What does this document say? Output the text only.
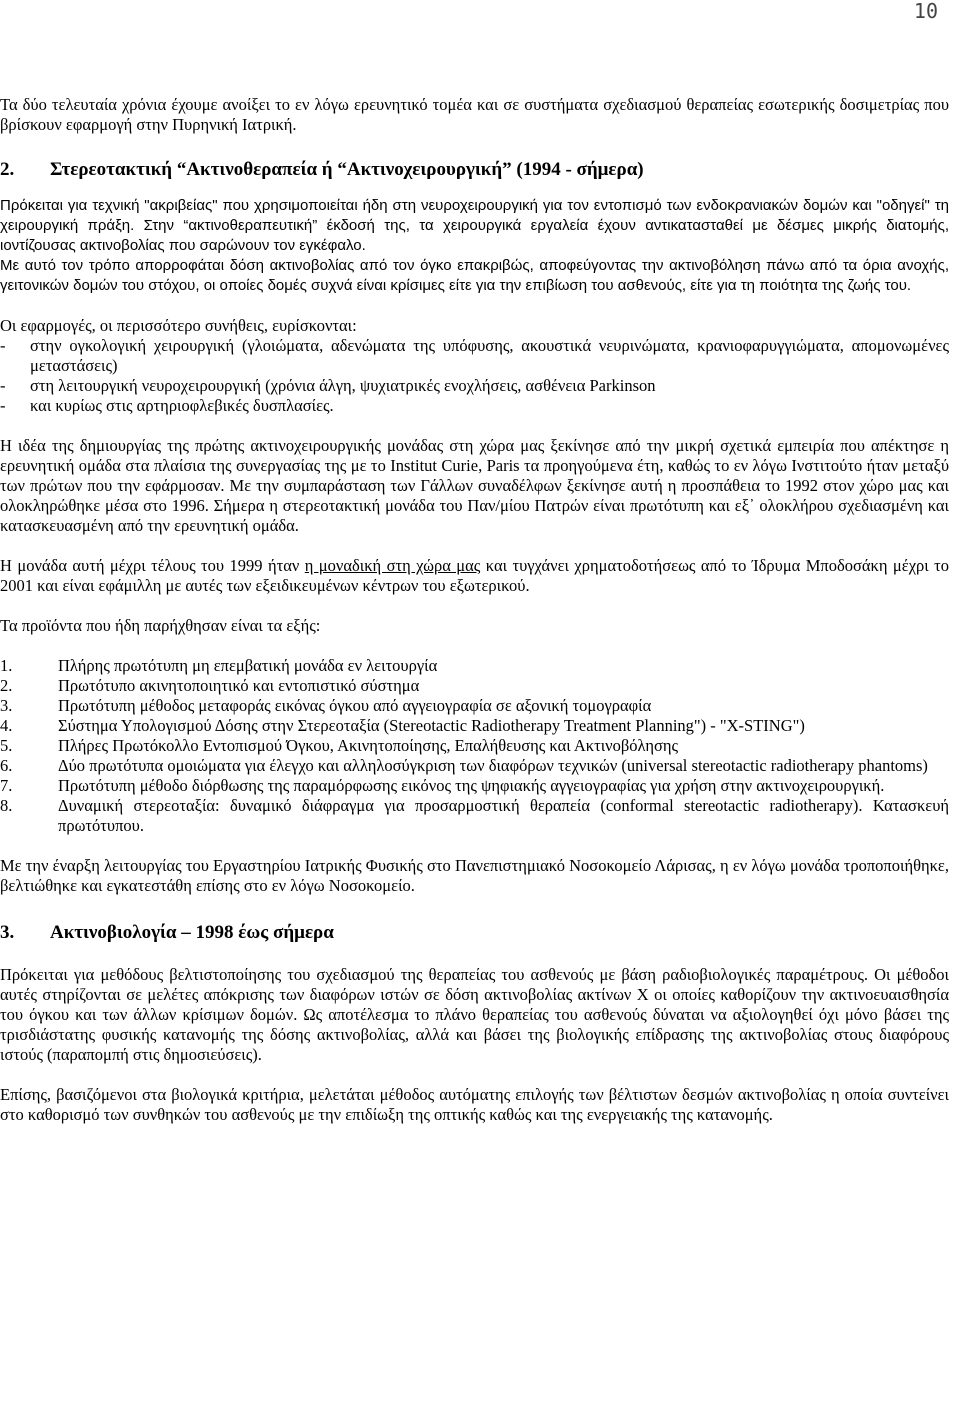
10

Τα δύο τελευταία χρόνια έχουμε ανοίξει το εν λόγω ερευνητικό τομέα και σε συστήματα σχεδιασμού θεραπείας εσωτερικής δοσιμετρίας που βρίσκουν εφαρμογή στην Πυρηνική Ιατρική.

2. Στερεοτακτική “Ακτινοθεραπεία ή “Ακτινοχειρουργική” (1994 - σήμερα)

Πρόκειται για τεχνική "ακριβείας" που χρησιμοποιείται ήδη στη νευροχειρουργική για τον εντοπισμό των ενδοκρανιακών δομών και "οδηγεί" τη χειρουργική πράξη. Στην “ακτινοθεραπευτική” έκδοσή της, τα χειρουργικά εργαλεία έχουν αντικατασταθεί με δέσμες μικρής διατομής, ιοντίζουσας ακτινοβολίας που σαρώνουν τον εγκέφαλο.

Με αυτό τον τρόπο απορροφάται δόση ακτινοβολίας από τον όγκο επακριβώς, αποφεύγοντας την ακτινοβόληση πάνω από τα όρια ανοχής, γειτονικών δομών του στόχου, οι οποίες δομές συχνά είναι κρίσιμες είτε για την επιβίωση του ασθενούς, είτε για τη ποιότητα της ζωής του.

Οι εφαρμογές, οι περισσότερο συνήθεις, ευρίσκονται:

-	στην ογκολογική χειρουργική (γλοιώματα, αδενώματα της υπόφυσης, ακουστικά νευρινώματα, κρανιοφαρυγγιώματα, απομονωμένες μεταστάσεις)
-	στη λειτουργική νευροχειρουργική (χρόνια άλγη, ψυχιατρικές ενοχλήσεις, ασθένεια Parkinson
-	και κυρίως στις αρτηριοφλεβικές δυσπλασίες.

Η ιδέα της δημιουργίας της πρώτης ακτινοχειρουργικής μονάδας στη χώρα μας ξεκίνησε από την μικρή σχετικά εμπειρία που απέκτησε η ερευνητική ομάδα στα πλαίσια της συνεργασίας της με το Institut Curie, Paris τα προηγούμενα έτη, καθώς το εν λόγω Ινστιτούτο ήταν μεταξύ των πρώτων που την εφάρμοσαν. Με την συμπαράσταση των Γάλλων συναδέλφων ξεκίνησε αυτή η προσπάθεια το 1992 στον χώρο μας και ολοκληρώθηκε μέσα στο 1996. Σήμερα η στερεοτακτική μονάδα του Παν/μίου Πατρών είναι πρωτότυπη και εξ᾽ ολοκλήρου σχεδιασμένη και κατασκευασμένη από την ερευνητική ομάδα.

Η μονάδα αυτή μέχρι τέλους του 1999 ήταν η μοναδική στη χώρα μας και τυγχάνει χρηματοδοτήσεως από το Ίδρυμα Μποδοσάκη μέχρι το 2001 και είναι εφάμιλλη με αυτές των εξειδικευμένων κέντρων του εξωτερικού.

Τα προϊόντα που ήδη παρήχθησαν είναι τα εξής:

1.	Πλήρης πρωτότυπη μη επεμβατική μονάδα εν λειτουργία
2.	Πρωτότυπο ακινητοποιητικό και εντοπιστικό σύστημα
3.	Πρωτότυπη μέθοδος μεταφοράς εικόνας όγκου από αγγειογραφία σε αξονική τομογραφία
4.	Σύστημα Υπολογισμού Δόσης στην Στερεοταξία (Stereotactic Radiotherapy Treatment Planning") - "X-STING")
5.	Πλήρες Πρωτόκολλο Εντοπισμού Όγκου, Ακινητοποίησης, Επαλήθευσης και Ακτινοβόλησης
6.	Δύο πρωτότυπα ομοιώματα για έλεγχο και αλληλοσύγκριση των διαφόρων τεχνικών (universal stereotactic radiotherapy phantoms)
7.	Πρωτότυπη μέθοδο διόρθωσης της παραμόρφωσης εικόνος της ψηφιακής αγγειογραφίας για χρήση στην ακτινοχειρουργική.
8.	Δυναμική στερεοταξία: δυναμικό διάφραγμα για προσαρμοστική θεραπεία (conformal stereotactic radiotherapy). Κατασκευή πρωτότυπου.

Με την έναρξη λειτουργίας του Εργαστηρίου Ιατρικής Φυσικής στο Πανεπιστημιακό Νοσοκομείο Λάρισας, η εν λόγω μονάδα τροποποιήθηκε, βελτιώθηκε και εγκατεστάθη επίσης στο εν λόγω Νοσοκομείο.

3. Ακτινοβιολογία – 1998 έως σήμερα

Πρόκειται για μεθόδους βελτιστοποίησης του σχεδιασμού της θεραπείας του ασθενούς με βάση ραδιοβιολογικές παραμέτρους. Οι μέθοδοι αυτές στηρίζονται σε μελέτες απόκρισης των διαφόρων ιστών σε δόση ακτινοβολίας ακτίνων Χ οι οποίες καθορίζουν την ακτινοευαισθησία του όγκου και των άλλων κρίσιμων δομών. Ως αποτέλεσμα το πλάνο θεραπείας του ασθενούς δύναται να αξιολογηθεί όχι μόνο βάσει της τρισδιάστατης φυσικής κατανομής της δόσης ακτινοβολίας, αλλά και βάσει της βιολογικής επίδρασης της ακτινοβολίας στους διαφόρους ιστούς (παραπομπή στις δημοσιεύσεις).

Επίσης, βασιζόμενοι στα βιολογικά κριτήρια, μελετάται μέθοδος αυτόματης επιλογής των βέλτιστων δεσμών ακτινοβολίας η οποία συντείνει στο καθορισμό των συνθηκών του ασθενούς με την επιδίωξη της οπτικής καθώς και της ενεργειακής της κατανομής.
